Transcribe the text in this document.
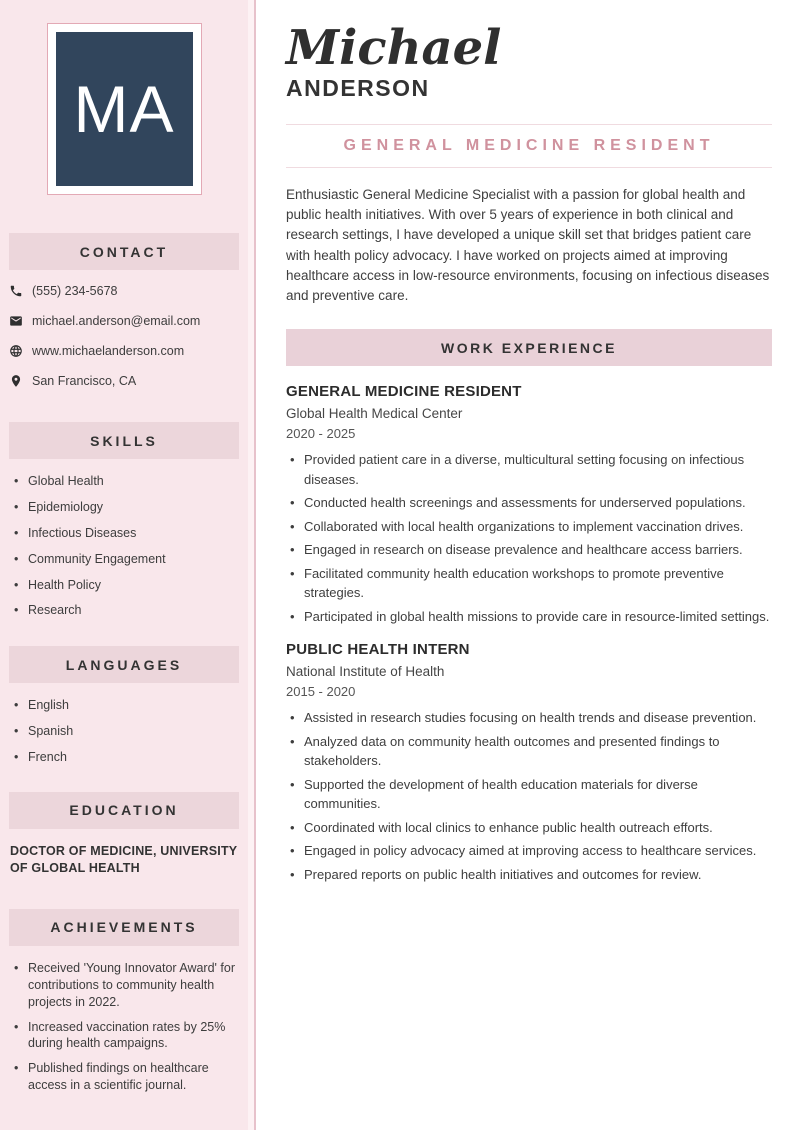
MA
CONTACT
(555) 234-5678
michael.anderson@email.com
www.michaelanderson.com
San Francisco, CA
SKILLS
• Global Health
• Epidemiology
• Infectious Diseases
• Community Engagement
• Health Policy
• Research
LANGUAGES
• English
• Spanish
• French
EDUCATION
DOCTOR OF MEDICINE, UNIVERSITY OF GLOBAL HEALTH
ACHIEVEMENTS
• Received 'Young Innovator Award' for contributions to community health projects in 2022.
• Increased vaccination rates by 25% during health campaigns.
• Published findings on healthcare access in a scientific journal.
Michael
ANDERSON
GENERAL MEDICINE RESIDENT

Enthusiastic General Medicine Specialist with a passion for global health and public health initiatives. With over 5 years of experience in both clinical and research settings, I have developed a unique skill set that bridges patient care with health policy advocacy. I have worked on projects aimed at improving healthcare access in low-resource environments, focusing on infectious diseases and preventive care.

WORK EXPERIENCE
GENERAL MEDICINE RESIDENT
Global Health Medical Center
2020 - 2025
• Provided patient care in a diverse, multicultural setting focusing on infectious diseases.
• Conducted health screenings and assessments for underserved populations.
• Collaborated with local health organizations to implement vaccination drives.
• Engaged in research on disease prevalence and healthcare access barriers.
• Facilitated community health education workshops to promote preventive strategies.
• Participated in global health missions to provide care in resource-limited settings.
PUBLIC HEALTH INTERN
National Institute of Health
2015 - 2020
• Assisted in research studies focusing on health trends and disease prevention.
• Analyzed data on community health outcomes and presented findings to stakeholders.
• Supported the development of health education materials for diverse communities.
• Coordinated with local clinics to enhance public health outreach efforts.
• Engaged in policy advocacy aimed at improving access to healthcare services.
• Prepared reports on public health initiatives and outcomes for review.
